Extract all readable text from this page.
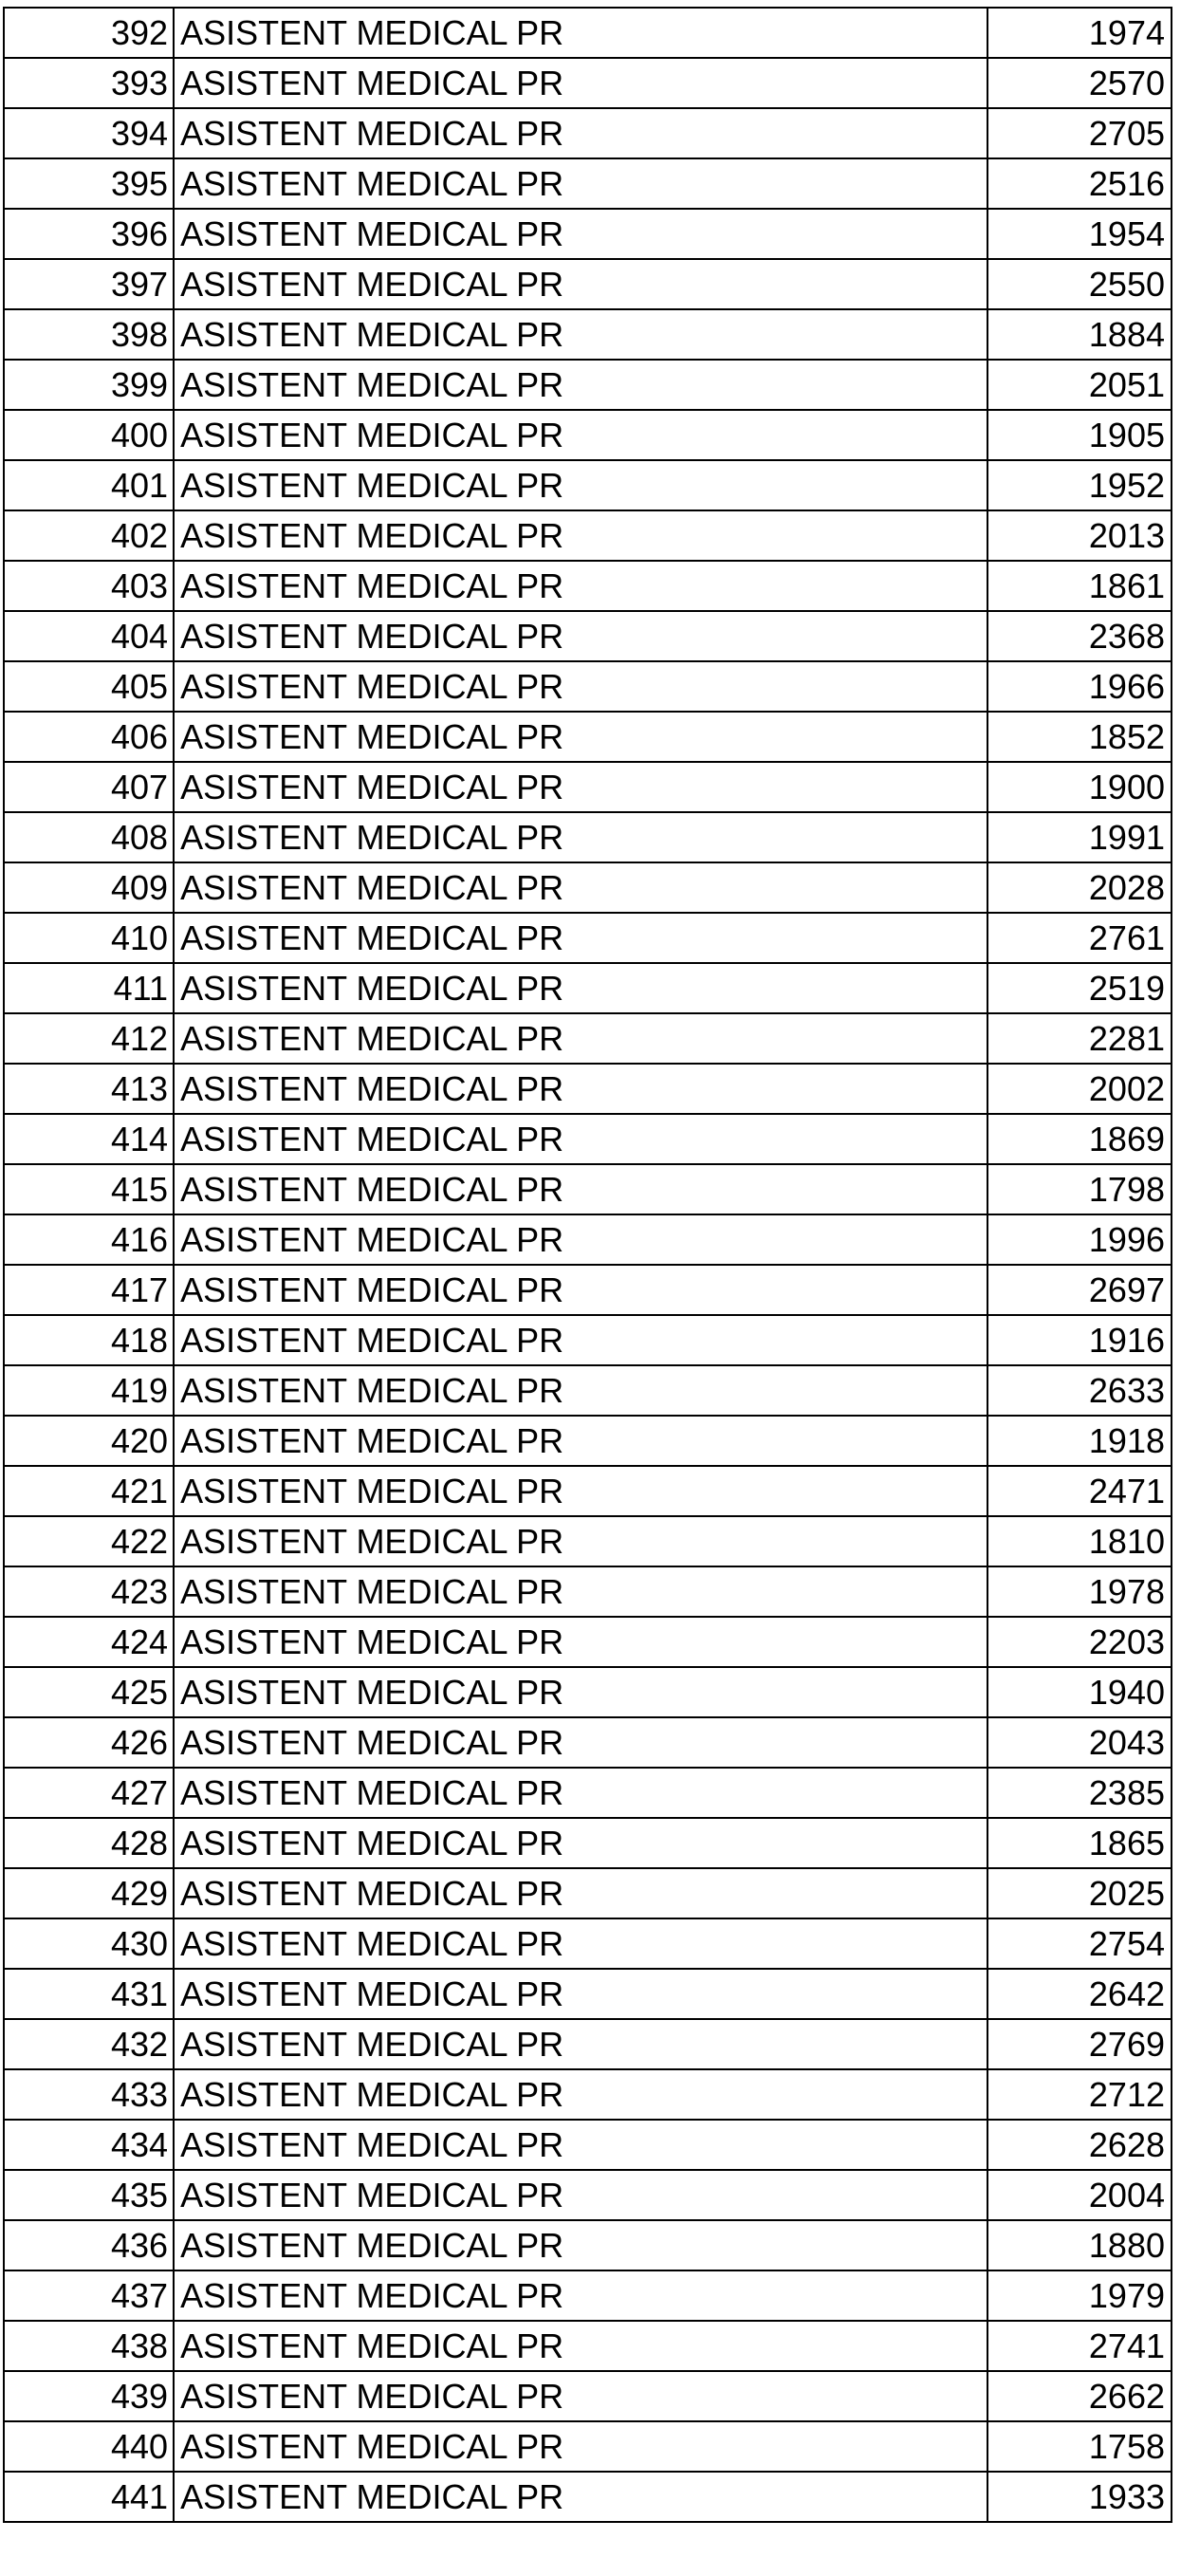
392	ASISTENT MEDICAL PR	1974
393	ASISTENT MEDICAL PR	2570
394	ASISTENT MEDICAL PR	2705
395	ASISTENT MEDICAL PR	2516
396	ASISTENT MEDICAL PR	1954
397	ASISTENT MEDICAL PR	2550
398	ASISTENT MEDICAL PR	1884
399	ASISTENT MEDICAL PR	2051
400	ASISTENT MEDICAL PR	1905
401	ASISTENT MEDICAL PR	1952
402	ASISTENT MEDICAL PR	2013
403	ASISTENT MEDICAL PR	1861
404	ASISTENT MEDICAL PR	2368
405	ASISTENT MEDICAL PR	1966
406	ASISTENT MEDICAL PR	1852
407	ASISTENT MEDICAL PR	1900
408	ASISTENT MEDICAL PR	1991
409	ASISTENT MEDICAL PR	2028
410	ASISTENT MEDICAL PR	2761
411	ASISTENT MEDICAL PR	2519
412	ASISTENT MEDICAL PR	2281
413	ASISTENT MEDICAL PR	2002
414	ASISTENT MEDICAL PR	1869
415	ASISTENT MEDICAL PR	1798
416	ASISTENT MEDICAL PR	1996
417	ASISTENT MEDICAL PR	2697
418	ASISTENT MEDICAL PR	1916
419	ASISTENT MEDICAL PR	2633
420	ASISTENT MEDICAL PR	1918
421	ASISTENT MEDICAL PR	2471
422	ASISTENT MEDICAL PR	1810
423	ASISTENT MEDICAL PR	1978
424	ASISTENT MEDICAL PR	2203
425	ASISTENT MEDICAL PR	1940
426	ASISTENT MEDICAL PR	2043
427	ASISTENT MEDICAL PR	2385
428	ASISTENT MEDICAL PR	1865
429	ASISTENT MEDICAL PR	2025
430	ASISTENT MEDICAL PR	2754
431	ASISTENT MEDICAL PR	2642
432	ASISTENT MEDICAL PR	2769
433	ASISTENT MEDICAL PR	2712
434	ASISTENT MEDICAL PR	2628
435	ASISTENT MEDICAL PR	2004
436	ASISTENT MEDICAL PR	1880
437	ASISTENT MEDICAL PR	1979
438	ASISTENT MEDICAL PR	2741
439	ASISTENT MEDICAL PR	2662
440	ASISTENT MEDICAL PR	1758
441	ASISTENT MEDICAL PR	1933
